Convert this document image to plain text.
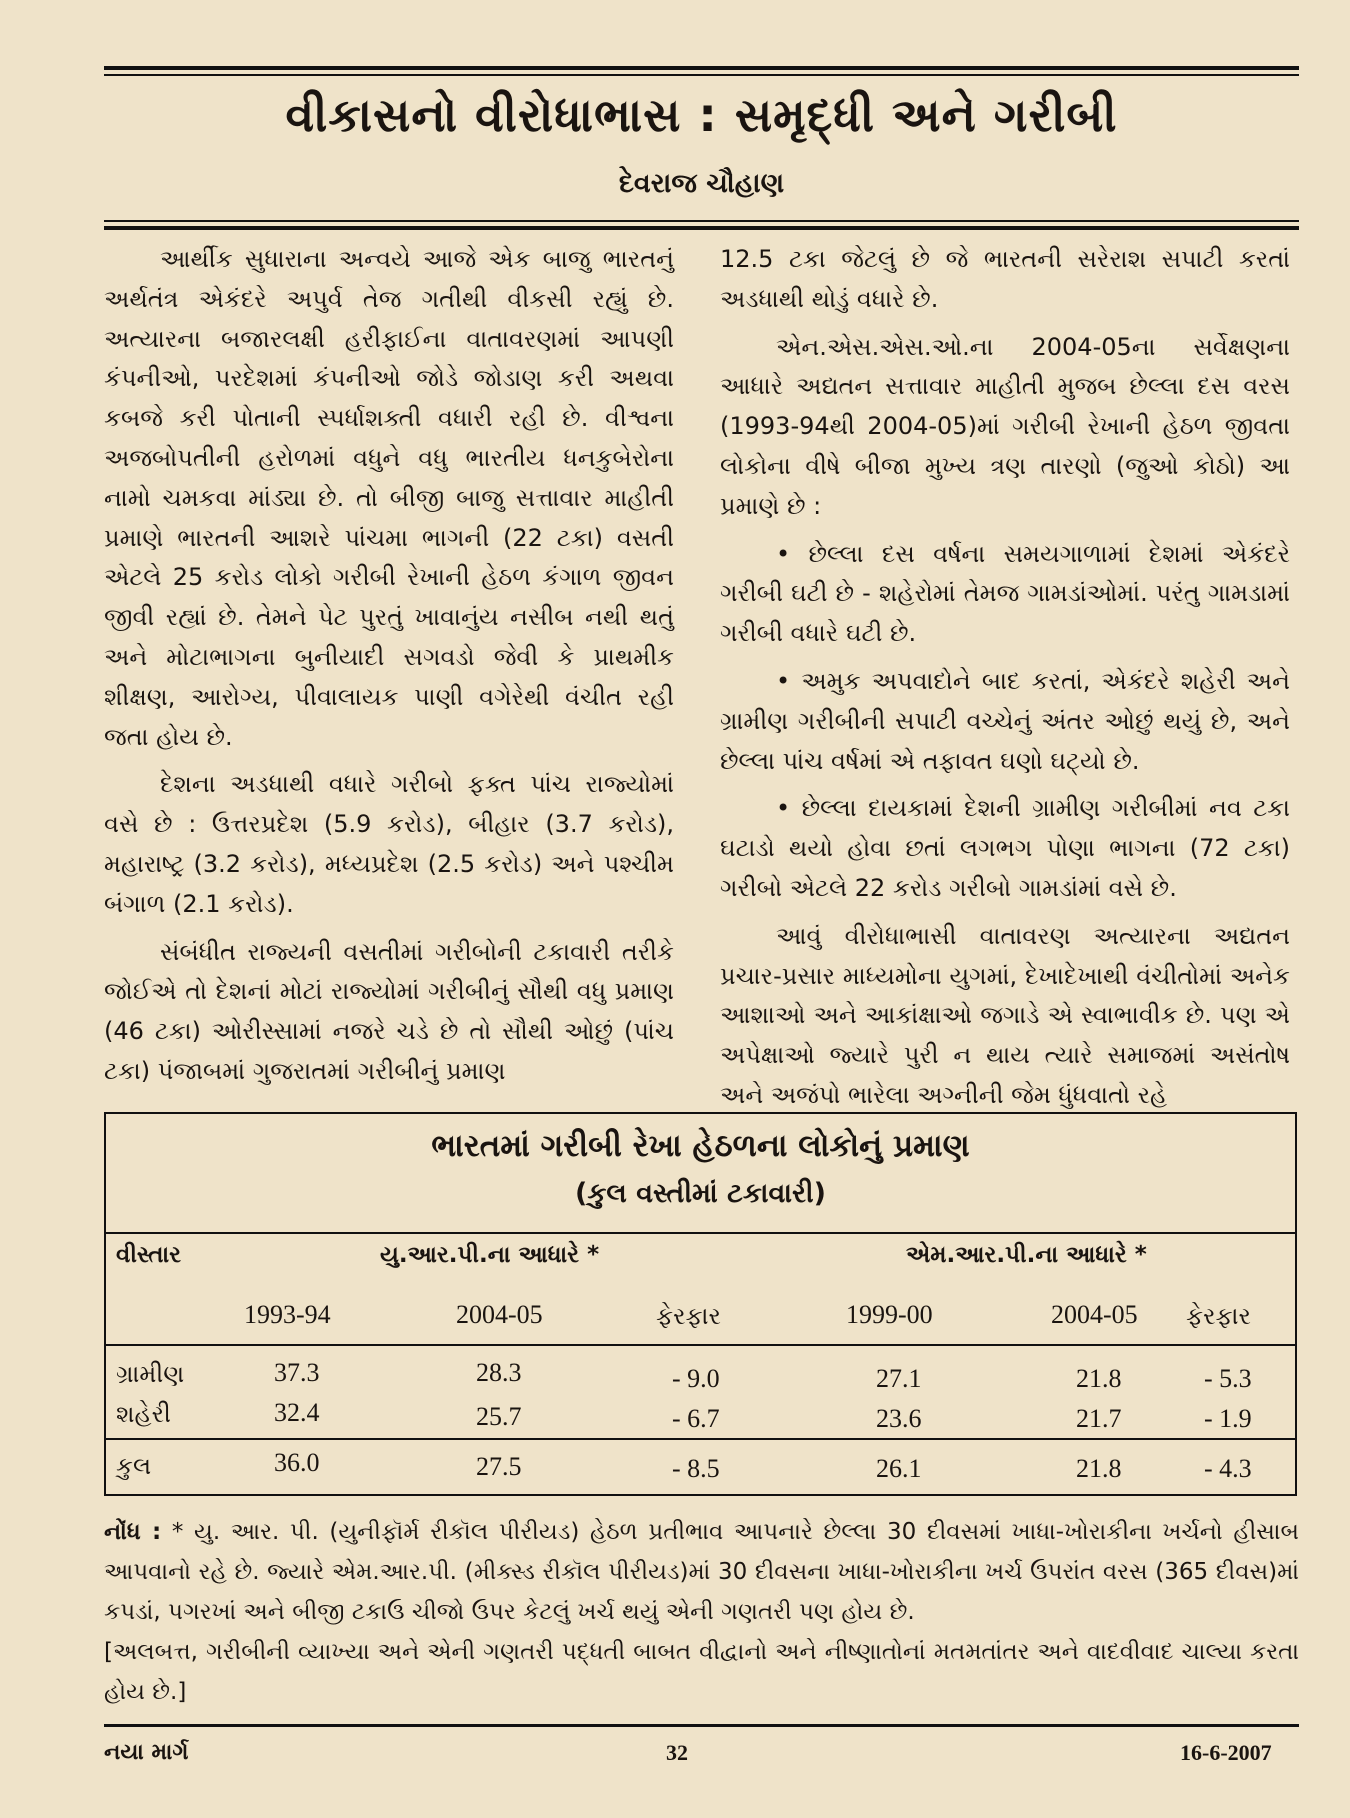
વીકાસનો વીરોધાભાસ : સમૃદ્ધી અને ગરીબી
દેવરાજ ચૌહાણ

આર્થીક સુધારાના અન્વયે આજે એક બાજુ ભારતનું અર્થતંત્ર એકંદરે અપુર્વ તેજ ગતીથી વીકસી રહ્યું છે. અત્યારના બજારલક્ષી હરીફાઈના વાતાવરણમાં આપણી કંપનીઓ, પરદેશમાં કંપનીઓ જોડે જોડાણ કરી અથવા કબજે કરી પોતાની સ્પર્ધાશક્તી વધારી રહી છે. વીશ્વના અજબોપતીની હરોળમાં વધુને વધુ ભારતીય ધનકુબેરોના નામો ચમકવા માંડ્યા છે. તો બીજી બાજુ સત્તાવાર માહીતી પ્રમાણે ભારતની આશરે પાંચમા ભાગની (22 ટકા) વસતી એટલે 25 કરોડ લોકો ગરીબી રેખાની હેઠળ કંગાળ જીવન જીવી રહ્યાં છે. તેમને પેટ પુરતું ખાવાનુંય નસીબ નથી થતું અને મોટાભાગના બુનીયાદી સગવડો જેવી કે પ્રાથમીક શીક્ષણ, આરોગ્ય, પીવાલાયક પાણી વગેરેથી વંચીત રહી જતા હોય છે.

દેશના અડધાથી વધારે ગરીબો ફક્ત પાંચ રાજ્યોમાં વસે છે : ઉત્તરપ્રદેશ (5.9 કરોડ), બીહાર (3.7 કરોડ), મહારાષ્ટ્ર (3.2 કરોડ), મધ્યપ્રદેશ (2.5 કરોડ) અને પશ્ચીમ બંગાળ (2.1 કરોડ).

સંબંધીત રાજ્યની વસતીમાં ગરીબોની ટકાવારી તરીકે જોઈએ તો દેશનાં મોટાં રાજ્યોમાં ગરીબીનું સૌથી વધુ પ્રમાણ (46 ટકા) ઓરીસ્સામાં નજરે ચડે છે તો સૌથી ઓછું (પાંચ ટકા) પંજાબમાં ગુજરાતમાં ગરીબીનું પ્રમાણ

12.5 ટકા જેટલું છે જે ભારતની સરેરાશ સપાટી કરતાં અડધાથી થોડું વધારે છે.

એન.એસ.એસ.ઓ.ના 2004-05ના સર્વેક્ષણના આધારે અદ્યતન સત્તાવાર માહીતી મુજબ છેલ્લા દસ વરસ (1993-94થી 2004-05)માં ગરીબી રેખાની હેઠળ જીવતા લોકોના વીષે બીજા મુખ્ય ત્રણ તારણો (જુઓ કોઠો) આ પ્રમાણે છે :

• છેલ્લા દસ વર્ષના સમયગાળામાં દેશમાં એકંદરે ગરીબી ઘટી છે - શહેરોમાં તેમજ ગામડાંઓમાં. પરંતુ ગામડામાં ગરીબી વધારે ઘટી છે.

• અમુક અપવાદોને બાદ કરતાં, એકંદરે શહેરી અને ગ્રામીણ ગરીબીની સપાટી વચ્ચેનું અંતર ઓછું થયું છે, અને છેલ્લા પાંચ વર્ષમાં એ તફાવત ઘણો ઘટ્યો છે.

• છેલ્લા દાયકામાં દેશની ગ્રામીણ ગરીબીમાં નવ ટકા ઘટાડો થયો હોવા છતાં લગભગ પોણા ભાગના (72 ટકા) ગરીબો એટલે 22 કરોડ ગરીબો ગામડાંમાં વસે છે.

આવું વીરોધાભાસી વાતાવરણ અત્યારના અદ્યતન પ્રચાર-પ્રસાર માધ્યમોના યુગમાં, દેખાદેખાથી વંચીતોમાં અનેક આશાઓ અને આકાંક્ષાઓ જગાડે એ સ્વાભાવીક છે. પણ એ અપેક્ષાઓ જ્યારે પુરી ન થાય ત્યારે સમાજમાં અસંતોષ અને અજંપો ભારેલા અગ્નીની જેમ ધુંધવાતો રહે

ભારતમાં ગરીબી રેખા હેઠળના લોકોનું પ્રમાણ
(કુલ વસ્તીમાં ટકાવારી)
વીસ્તાર	યુ.આર.પી.ના આધારે *	એમ.આર.પી.ના આધારે *
1993-94	2004-05	ફેરફાર	1999-00	2004-05 ફેરફાર
ગ્રામીણ	37.3	28.3	- 9.0	27.1	21.8	- 5.3
શહેરી	32.4	25.7	- 6.7	23.6	21.7	- 1.9
કુલ	36.0	27.5	- 8.5	26.1	21.8	- 4.3

નોંધ : * યુ. આર. પી. (યુનીફૉર્મ રીકૉલ પીરીયડ) હેઠળ પ્રતીભાવ આપનારે છેલ્લા 30 દીવસમાં ખાધા-ખોરાકીના ખર્ચનો હીસાબ આપવાનો રહે છે. જ્યારે એમ.આર.પી. (મીક્સ્ડ રીકૉલ પીરીયડ)માં 30 દીવસના ખાધા-ખોરાકીના ખર્ચ ઉપરાંત વરસ (365 દીવસ)માં કપડાં, પગરખાં અને બીજી ટકાઉ ચીજો ઉપર કેટલું ખર્ચ થયું એની ગણતરી પણ હોય છે.

[અલબત્ત, ગરીબીની વ્યાખ્યા અને એની ગણતરી પદ્ધતી બાબત વીદ્વાનો અને નીષ્ણાતોનાં મતમતાંતર અને વાદવીવાદ ચાલ્યા કરતા હોય છે.]

નયા માર્ગ	32	16-6-2007
